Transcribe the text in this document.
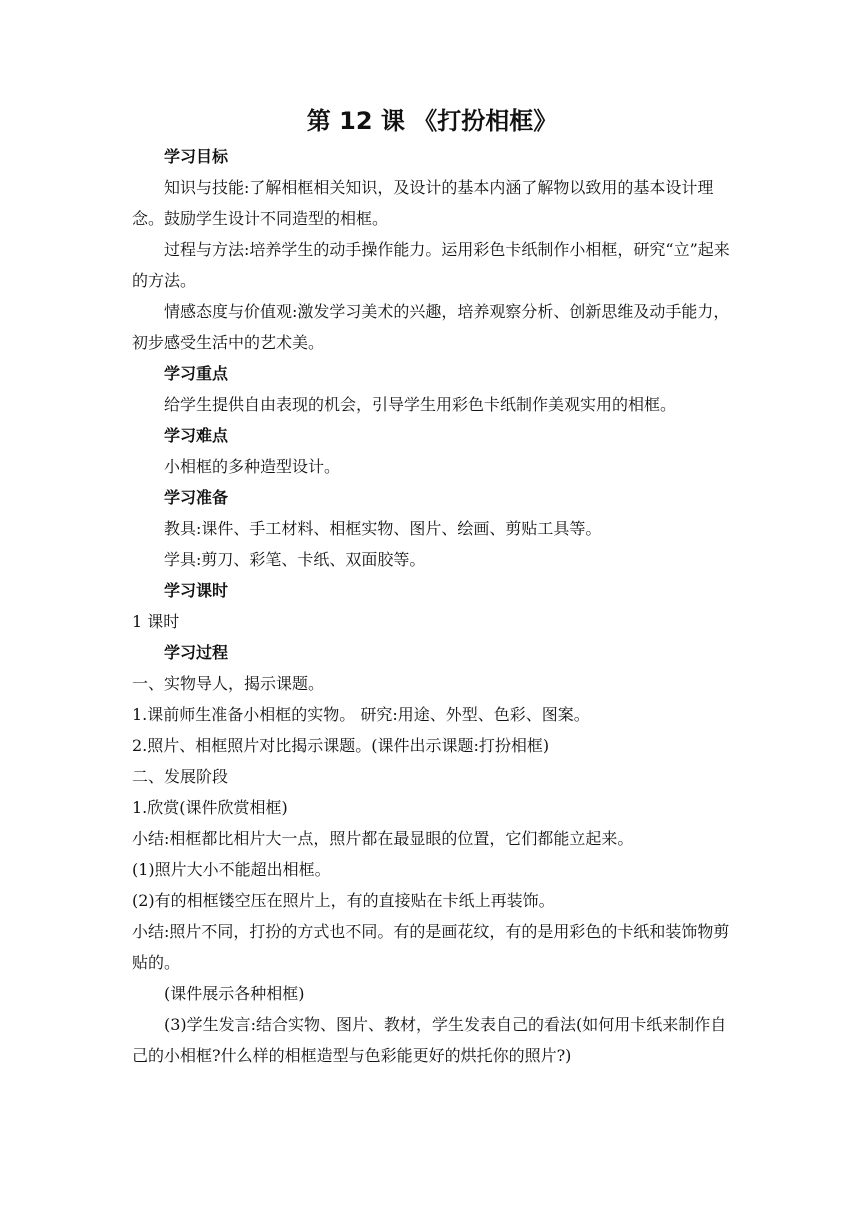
第 12 课 《打扮相框》
学习目标

知识与技能:了解相框相关知识，及设计的基本内涵了解物以致用的基本设计理念。鼓励学生设计不同造型的相框。

过程与方法:培养学生的动手操作能力。运用彩色卡纸制作小相框，研究“立”起来的方法。

情感态度与价值观:激发学习美术的兴趣，培养观察分析、创新思维及动手能力，初步感受生活中的艺术美。

学习重点

给学生提供自由表现的机会，引导学生用彩色卡纸制作美观实用的相框。

学习难点

小相框的多种造型设计。

学习准备

教具:课件、手工材料、相框实物、图片、绘画、剪贴工具等。

学具:剪刀、彩笔、卡纸、双面胶等。

学习课时

1 课时

学习过程

一、实物导人，揭示课题。

1.课前师生准备小相框的实物。 研究:用途、外型、色彩、图案。

2.照片、相框照片对比揭示课题。(课件出示课题:打扮相框)

二、发展阶段

1.欣赏(课件欣赏相框)

小结:相框都比相片大一点，照片都在最显眼的位置，它们都能立起来。

(1)照片大小不能超出相框。

(2)有的相框镂空压在照片上，有的直接贴在卡纸上再装饰。

小结:照片不同，打扮的方式也不同。有的是画花纹，有的是用彩色的卡纸和装饰物剪贴的。

(课件展示各种相框)

(3)学生发言:结合实物、图片、教材，学生发表自己的看法(如何用卡纸来制作自己的小相框?什么样的相框造型与色彩能更好的烘托你的照片?)
